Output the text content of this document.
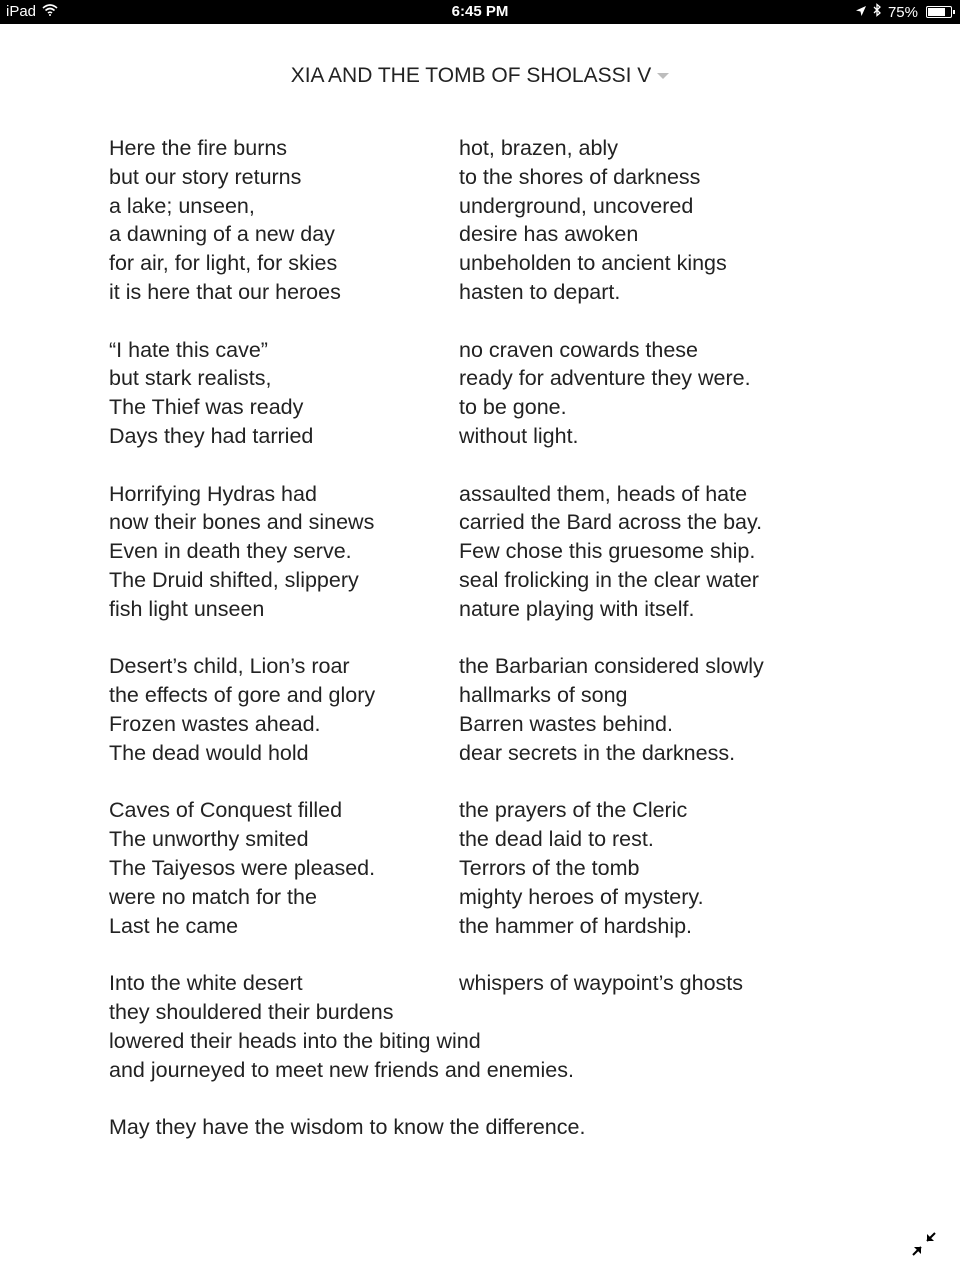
iPad	6:45 PM	75%
XIA AND THE TOMB OF SHOLASSI V
Here the fire burns	hot, brazen, ably
but our story returns	to the shores of darkness
a lake; unseen,	underground, uncovered
a dawning of a new day	desire has awoken
for air, for light, for skies	unbeholden to ancient kings
it is here that our heroes	hasten to depart.
“I hate this cave”	no craven cowards these
but stark realists,	ready for adventure they were.
The Thief was ready	to be gone.
Days they had tarried	without light.
Horrifying Hydras had	assaulted them, heads of hate
now their bones and sinews	carried the Bard across the bay.
Even in death they serve.	Few chose this gruesome ship.
The Druid shifted, slippery	seal frolicking in the clear water
fish light unseen	nature playing with itself.
Desert’s child, Lion’s roar	the Barbarian considered slowly
the effects of gore and glory	hallmarks of song
Frozen wastes ahead.	Barren wastes behind.
The dead would hold	dear secrets in the darkness.
Caves of Conquest filled	the prayers of the Cleric
The unworthy smited	the dead laid to rest.
The Taiyesos were pleased.	Terrors of the tomb
were no match for the	mighty heroes of mystery.
Last he came	the hammer of hardship.
Into the white desert	whispers of waypoint’s ghosts
they shouldered their burdens
lowered their heads into the biting wind
and journeyed to meet new friends and enemies.
May they have the wisdom to know the difference.
